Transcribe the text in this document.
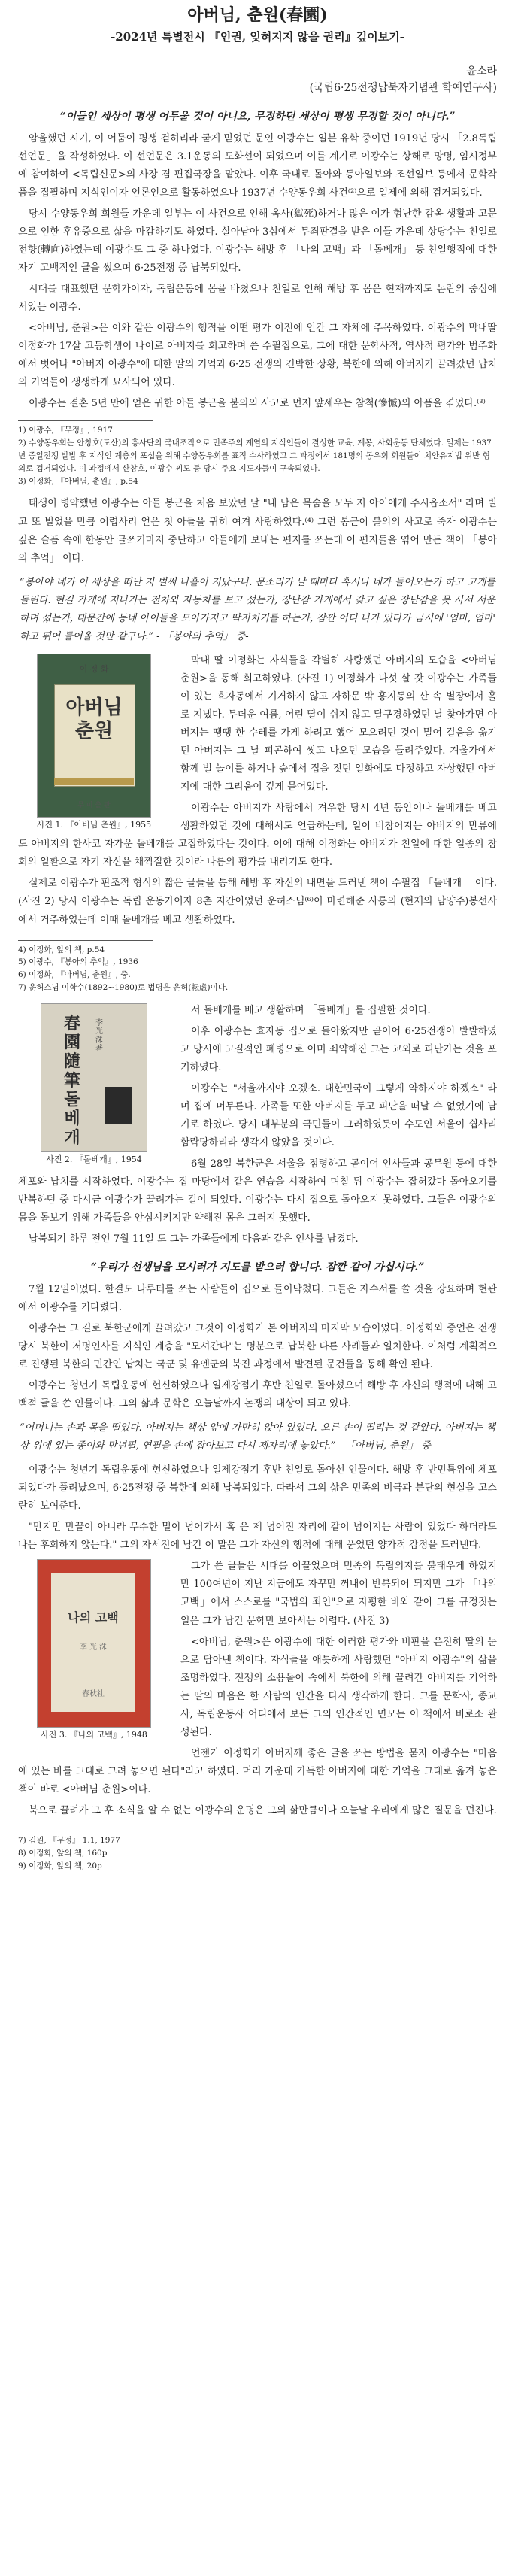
아버님, 춘원(春園)
-2024년 특별전시 『인권, 잊혀지지 않을 권리』깊이보기-
윤소라
(국립6·25전쟁납북자기념관 학예연구사)
“이들인 세상이 평생 어두울 것이 아니요, 무정하던 세상이 평생 무정할 것이 아니다.”

암울했던 시기, 이 어둠이 평생 걷히리라 굳게 믿었던 문인 이광수는 일본 유학 중이던 1919년 당시 「2.8독립선언문」을 작성하였다. 이 선언문은 3.1운동의 도화선이 되었으며 이를 계기로 이광수는 상해로 망명, 임시정부에 참여하여 <독립신문>의 사장 겸 편집국장을 맡았다. 이후 국내로 돌아와 동아일보와 조선일보 등에서 문학작품을 집필하며 지식인이자 언론인으로 활동하였으나 1937년 수양동우회 사건⁽²⁾으로 일제에 의해 검거되었다.

당시 수양동우회 회원들 가운데 일부는 이 사건으로 인해 옥사(獄死)하거나 많은 이가 험난한 감옥 생활과 고문으로 인한 후유증으로 삶을 마감하기도 하였다. 살아남아 3심에서 무죄판결을 받은 이들 가운데 상당수는 친일로 전향(轉向)하였는데 이광수도 그 중 하나였다. 이광수는 해방 후 「나의 고백」과 「돌베개」 등 친일행적에 대한 자기 고백적인 글을 썼으며 6·25전쟁 중 납북되었다.

시대를 대표했던 문학가이자, 독립운동에 몸을 바쳤으나 친일로 인해 해방 후 몸은 현재까지도 논란의 중심에 서있는 이광수.

<아버님, 춘원>은 이와 같은 이광수의 행적을 어떤 평가 이전에 인간 그 자체에 주목하였다. 이광수의 막내딸 이정화가 17살 고등학생이 나이로 아버지를 회고하며 쓴 수필집으로, 그에 대한 문학사적, 역사적 평가와 범주화에서 벗어나 "아버지 이광수"에 대한 딸의 기억과 6·25 전쟁의 긴박한 상황, 북한에 의해 아버지가 끌려갔던 납치의 기억들이 생생하게 묘사되어 있다.

이광수는 결혼 5년 만에 얻은 귀한 아들 봉근을 불의의 사고로 먼저 앞세우는 참척(慘慽)의 아픔을 겪었다.⁽³⁾

1) 이광수, 『무정』, 1917
2) 수양동우회는 안창호(도산)의 흥사단의 국내조직으로 민족주의 계열의 지식인들이 결성한 교육, 계몽, 사회운동 단체였다. 일제는 1937년 중일전쟁 발발 후 지식인 계층의 포섭을 위해 수양동우회를 표적 수사하였고 그 과정에서 181명의 동우회 회원들이 치안유지법 위반 혐의로 검거되었다. 이 과정에서 산창호, 이광수 씨도 등 당시 주요 지도자들이 구속되었다.
3) 이정화, 『아버님, 춘원』, p.54

태생이 병약했던 이광수는 아들 봉근을 처음 보았던 날 "내 남은 목숨을 모두 저 아이에게 주시옵소서" 라며 빌고 또 빌었을 만큼 어렵사리 얻은 첫 아들을 귀히 여겨 사랑하였다.⁽⁴⁾ 그런 봉근이 불의의 사고로 죽자 이광수는 깊은 슬픔 속에 한동안 글쓰기마저 중단하고 아들에게 보내는 편지를 쓰는데 이 편지들을 엮어 만든 책이 「봉아의 추억」 이다.

“봉아야 네가 이 세상을 떠난 지 벌써 나흘이 지났구나. 문소리가 날 때마다 혹시나 네가 들어오는가 하고 고개를 돌린다. 현길 가게에 지나가는 전차와 자동차를 보고 섰는가, 장난감 가게에서 갖고 싶은 장난감을 못 사서 서운하며 섰는가, 대문간에 동네 아이들을 모아가지고 딱지치기를 하는가, 잠깐 어디 나가 있다가 금시에 '엄마, 엄마' 하고 뛰어 들어올 것만 같구나.” - 「봉아의 추억」 중-
이 정 화
아버님
춘원
무 미 출 판
사진 1. 『아버님 춘원』, 1955

막내 딸 이정화는 자식들을 각별히 사랑했던 아버지의 모습을 <아버님 춘원>을 통해 회고하였다. (사진 1) 이정화가 다섯 살 갓 이광수는 가족들이 있는 효자동에서 기거하지 않고 자하문 밖 홍지동의 산 속 별장에서 홀로 지냈다. 무더운 여름, 어린 딸이 쉬지 않고 달구경하였던 날 찾아가면 아버지는 땡땡 한 수레를 가게 하려고 했어 모으려던 것이 밀어 걸음을 옮기던 아버지는 그 날 피곤하여 씻고 나오던 모습을 들려주었다. 겨울가에서 함께 벌 놀이를 하거나 숲에서 집을 짓던 일화에도 다정하고 자상했던 아버지에 대한 그리움이 깊게 묻어있다.

이광수는 아버지가 사랑에서 겨우한 당시 4년 동안이나 돌베개를 베고 생활하였던 것에 대해서도 언급하는데, 일이 비참어지는 아버지의 만류에도 아버지의 한사코 자가운 돌베개를 고집하였다는 것이다. 이에 대해 이정화는 아버지가 친일에 대한 일종의 참회의 일환으로 자기 자신을 채찍질한 것이라 나름의 평가를 내리기도 한다.

실제로 이광수가 판조적 형식의 짧은 글들을 통해 해방 후 자신의 내면을 드러낸 책이 수필집 「돌베개」 이다.(사진 2) 당시 이광수는 독립 운동가이자 8촌 지간이었던 운허스님⁽⁶⁾이 마련해준 사릉의 (현재의 남양주)봉선사에서 거주하였는데 이때 돌베개를 베고 생활하였다.

4) 이정화, 앞의 책, p.54
5) 이광수, 『봉아의 추억』, 1936
6) 이정화, 『아버님, 춘원』, 중.
7) 운허스님 이학수(1892~1980)로 법명은 운허(耘虛)이다.
春園
隨筆
돌
베
개
李光洙著
사진 2. 『돌베개』, 1954

서 돌베개를 베고 생활하며 「돌베개」를 집필한 것이다.

이후 이광수는 효자동 집으로 돌아왔지만 곧이어 6·25전쟁이 발발하였고 당시에 고질적인 폐병으로 이미 쇠약해진 그는 교외로 피난가는 것을 포기하였다.

이광수는 "서울까지야 오겠소. 대한민국이 그렇게 약하지야 하겠소" 라며 집에 머무른다. 가족들 또한 아버지를 두고 피난을 떠날 수 없었기에 남기로 하였다. 당시 대부분의 국민들이 그러하였듯이 수도인 서울이 쉽사리 함락당하리라 생각지 않았을 것이다.

6월 28일 북한군은 서울을 점령하고 곧이어 인사들과 공무원 등에 대한 체포와 납치를 시작하였다. 이광수는 집 마당에서 같은 연습을 시작하여 며칠 뒤 이광수는 잡혀갔다 돌아오기를 반복하던 중 다시금 이광수가 끌려가는 길이 되었다. 이광수는 다시 집으로 돌아오지 못하였다. 그들은 이광수의 몸을 돌보기 위해 가족들을 안심시키지만 약해진 몸은 그러지 못했다.

납북되기 하루 전인 7월 11일 도 그는 가족들에게 다음과 같은 인사를 남겼다.

“우리가 선생님을 모시러가 지도를 받으러 합니다. 잠깐 같이 가십시다.”

7월 12일이었다. 한결도 나루터를 쓰는 사람들이 집으로 들이닥쳤다. 그들은 자수서를 쓸 것을 강요하며 현관에서 이광수를 기다렸다.

이광수는 그 길로 북한군에게 끌려갔고 그것이 이정화가 본 아버지의 마지막 모습이었다. 이정화와 증언은 전쟁 당시 북한이 저명인사를 지식인 계층을 "모셔간다"는 명분으로 납북한 다른 사례들과 일치한다. 이처럼 계획적으로 진행된 북한의 민간인 납치는 국군 및 유엔군의 북진 과정에서 발견된 문건들을 통해 확인 된다.

이광수는 청년기 독립운동에 헌신하였으나 일제강점기 후반 친일로 돌아섰으며 해방 후 자신의 행적에 대해 고백적 글을 쓴 인물이다. 그의 삶과 문학은 오늘날까지 논쟁의 대상이 되고 있다.

“어머니는 손과 목을 떨었다. 아버지는 책상 앞에 가만히 앉아 있었다. 오른 손이 떨리는 것 같았다. 아버지는 책상 위에 있는 종이와 만년필, 연필을 손에 잡아보고 다시 제자리에 놓았다.” - 「아버님, 춘원」 중-

이광수는 청년기 독립운동에 헌신하였으나 일제강점기 후반 친일로 돌아선 인물이다. 해방 후 반민특위에 체포되었다가 풀려났으며, 6·25전쟁 중 북한에 의해 납북되었다. 따라서 그의 삶은 민족의 비극과 분단의 현실을 고스란히 보여준다.

"만지만 만끝이 아니라 무수한 밑이 넘어가서 혹 은 제 넘어진 자리에 같이 넘어지는 사람이 있었다 하더라도 나는 후회하지 않는다." 그의 자서전에 남긴 이 말은 그가 자신의 행적에 대해 품었던 양가적 감정을 드러낸다.

나의 고백
李 光 洙
春秋社
사진 3. 『나의 고백』, 1948

그가 쓴 글들은 시대를 이끌었으며 민족의 독립의지를 불태우게 하였지만 100여년이 지난 지금에도 자꾸만 꺼내어 반복되어 되지만 그가 「나의 고백」에서 스스로를 "국법의 죄인"으로 자평한 바와 같이 그를 규정짓는 일은 그가 남긴 문학만 보아서는 어렵다. (사진 3)

<아버님, 춘원>은 이광수에 대한 이러한 평가와 비판을 온전히 딸의 눈으로 담아낸 책이다. 자식들을 애틋하게 사랑했던 "아버지 이광수"의 삶을 조명하였다. 전쟁의 소용돌이 속에서 북한에 의해 끌려간 아버지를 기억하는 딸의 마음은 한 사람의 인간을 다시 생각하게 한다. 그를 문학사, 종교사, 독립운동사 어디에서 보든 그의 인간적인 면모는 이 책에서 비로소 완성된다.

언젠가 이정화가 아버지께 좋은 글을 쓰는 방법을 묻자 이광수는 "마음에 있는 바를 고대로 그려 놓으면 된다"라고 하였다. 머리 가운데 가득한 아버지에 대한 기억을 그대로 옮겨 놓은 책이 바로 <아버님 춘원>이다.

북으로 끌려가 그 후 소식을 알 수 없는 이광수의 운명은 그의 삶만큼이나 오늘날 우리에게 많은 질문을 던진다.

7) 김원, 『무정』 1.1, 1977
8) 이정화, 앞의 책, 160p
9) 이정화, 앞의 책, 20p
